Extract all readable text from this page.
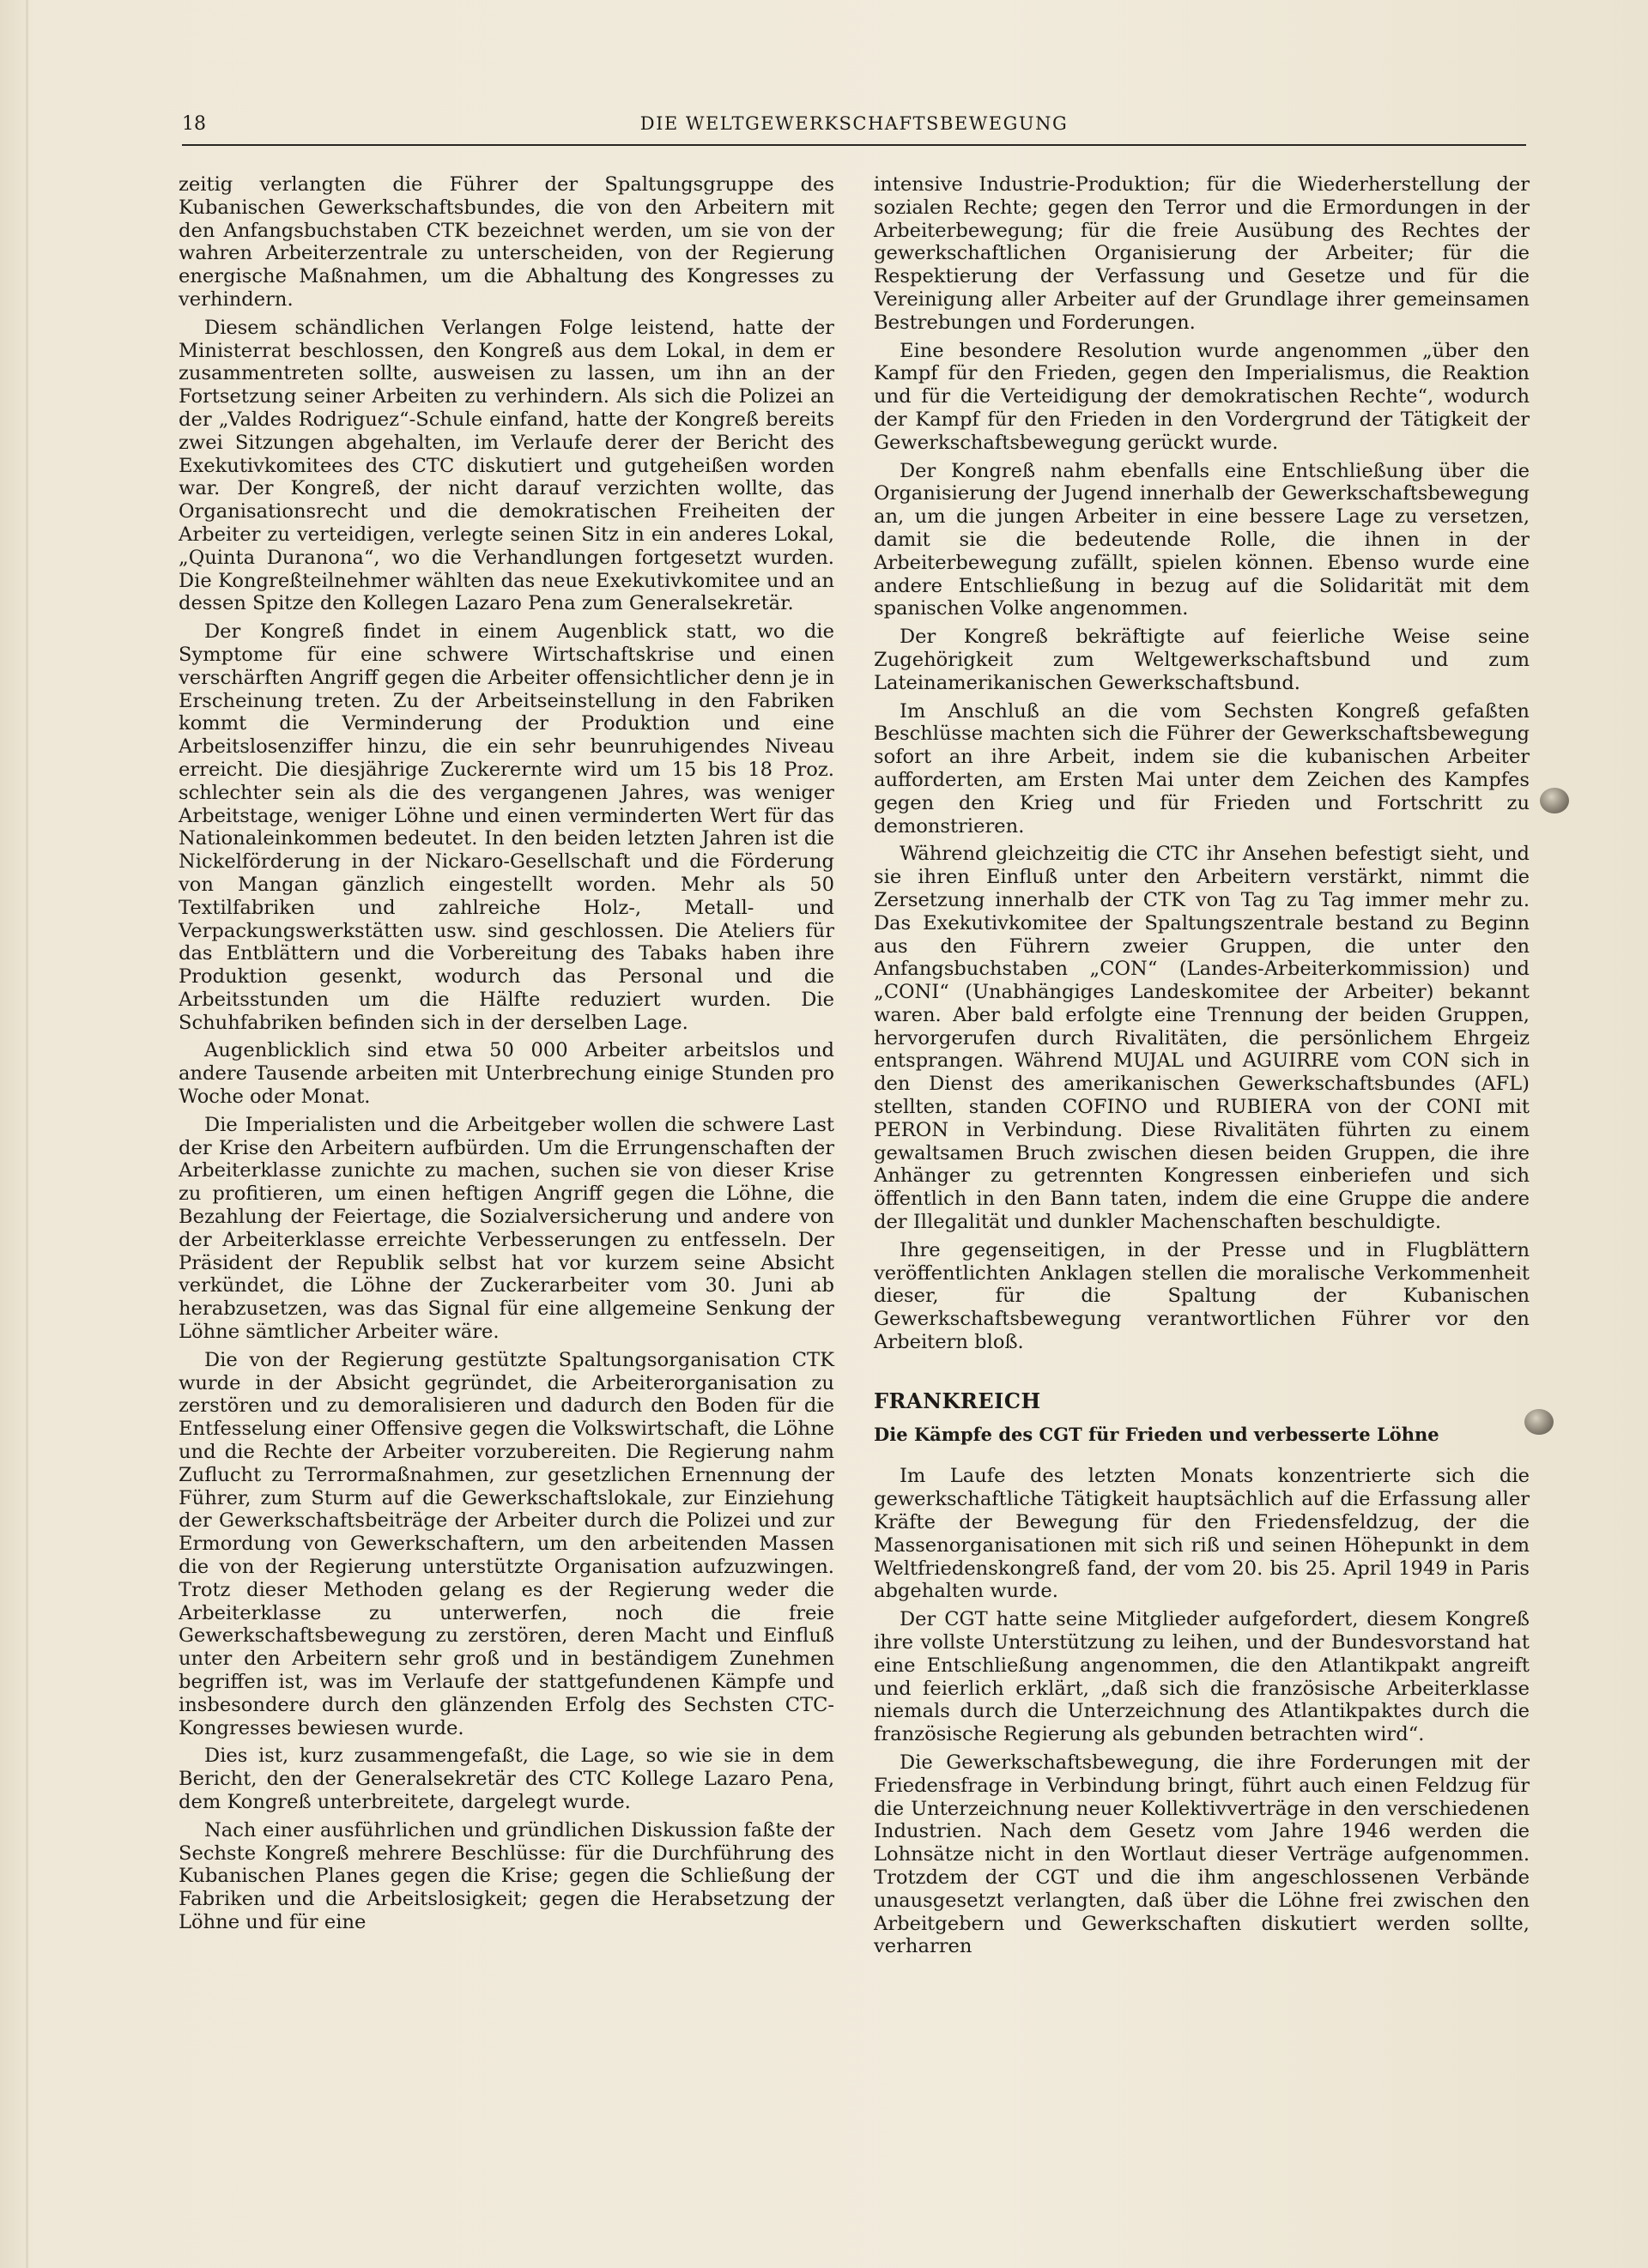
18	DIE WELTGEWERKSCHAFTSBEWEGUNG

zeitig verlangten die Führer der Spaltungsgruppe des Kubanischen Gewerkschaftsbundes, die von den Arbeitern mit den Anfangsbuchstaben CTK bezeichnet werden, um sie von der wahren Arbeiterzentrale zu unterscheiden, von der Regierung energische Maßnahmen, um die Abhaltung des Kongresses zu verhindern.

Diesem schändlichen Verlangen Folge leistend, hatte der Ministerrat beschlossen, den Kongreß aus dem Lokal, in dem er zusammentreten sollte, ausweisen zu lassen, um ihn an der Fortsetzung seiner Arbeiten zu verhindern. Als sich die Polizei an der „Valdes Rodriguez“-Schule einfand, hatte der Kongreß bereits zwei Sitzungen abgehalten, im Verlaufe derer der Bericht des Exekutivkomitees des CTC diskutiert und gutgeheißen worden war. Der Kongreß, der nicht darauf verzichten wollte, das Organisationsrecht und die demokratischen Freiheiten der Arbeiter zu verteidigen, verlegte seinen Sitz in ein anderes Lokal, „Quinta Duranona“, wo die Verhandlungen fortgesetzt wurden. Die Kongreßteilnehmer wählten das neue Exekutivkomitee und an dessen Spitze den Kollegen Lazaro Pena zum Generalsekretär.

Der Kongreß findet in einem Augenblick statt, wo die Symptome für eine schwere Wirtschaftskrise und einen verschärften Angriff gegen die Arbeiter offensichtlicher denn je in Erscheinung treten. Zu der Arbeitseinstellung in den Fabriken kommt die Verminderung der Produktion und eine Arbeitslosenziffer hinzu, die ein sehr beunruhigendes Niveau erreicht. Die diesjährige Zuckerernte wird um 15 bis 18 Proz. schlechter sein als die des vergangenen Jahres, was weniger Arbeitstage, weniger Löhne und einen verminderten Wert für das Nationaleinkommen bedeutet. In den beiden letzten Jahren ist die Nickelförderung in der Nickaro-Gesellschaft und die Förderung von Mangan gänzlich eingestellt worden. Mehr als 50 Textilfabriken und zahlreiche Holz-, Metall- und Verpackungswerkstätten usw. sind geschlossen. Die Ateliers für das Entblättern und die Vorbereitung des Tabaks haben ihre Produktion gesenkt, wodurch das Personal und die Arbeitsstunden um die Hälfte reduziert wurden. Die Schuhfabriken befinden sich in der derselben Lage.

Augenblicklich sind etwa 50 000 Arbeiter arbeitslos und andere Tausende arbeiten mit Unterbrechung einige Stunden pro Woche oder Monat.

Die Imperialisten und die Arbeitgeber wollen die schwere Last der Krise den Arbeitern aufbürden. Um die Errungenschaften der Arbeiterklasse zunichte zu machen, suchen sie von dieser Krise zu profitieren, um einen heftigen Angriff gegen die Löhne, die Bezahlung der Feiertage, die Sozialversicherung und andere von der Arbeiterklasse erreichte Verbesserungen zu entfesseln. Der Präsident der Republik selbst hat vor kurzem seine Absicht verkündet, die Löhne der Zuckerarbeiter vom 30. Juni ab herabzusetzen, was das Signal für eine allgemeine Senkung der Löhne sämtlicher Arbeiter wäre.

Die von der Regierung gestützte Spaltungsorganisation CTK wurde in der Absicht gegründet, die Arbeiterorganisation zu zerstören und zu demoralisieren und dadurch den Boden für die Entfesselung einer Offensive gegen die Volkswirtschaft, die Löhne und die Rechte der Arbeiter vorzubereiten. Die Regierung nahm Zuflucht zu Terrormaßnahmen, zur gesetzlichen Ernennung der Führer, zum Sturm auf die Gewerkschaftslokale, zur Einziehung der Gewerkschaftsbeiträge der Arbeiter durch die Polizei und zur Ermordung von Gewerkschaftern, um den arbeitenden Massen die von der Regierung unterstützte Organisation aufzuzwingen. Trotz dieser Methoden gelang es der Regierung weder die Arbeiterklasse zu unterwerfen, noch die freie Gewerkschaftsbewegung zu zerstören, deren Macht und Einfluß unter den Arbeitern sehr groß und in beständigem Zunehmen begriffen ist, was im Verlaufe der stattgefundenen Kämpfe und insbesondere durch den glänzenden Erfolg des Sechsten CTC-Kongresses bewiesen wurde.

Dies ist, kurz zusammengefaßt, die Lage, so wie sie in dem Bericht, den der Generalsekretär des CTC Kollege Lazaro Pena, dem Kongreß unterbreitete, dargelegt wurde.

Nach einer ausführlichen und gründlichen Diskussion faßte der Sechste Kongreß mehrere Beschlüsse: für die Durchführung des Kubanischen Planes gegen die Krise; gegen die Schließung der Fabriken und die Arbeitslosigkeit; gegen die Herabsetzung der Löhne und für eine

intensive Industrie-Produktion; für die Wiederherstellung der sozialen Rechte; gegen den Terror und die Ermordungen in der Arbeiterbewegung; für die freie Ausübung des Rechtes der gewerkschaftlichen Organisierung der Arbeiter; für die Respektierung der Verfassung und Gesetze und für die Vereinigung aller Arbeiter auf der Grundlage ihrer gemeinsamen Bestrebungen und Forderungen.

Eine besondere Resolution wurde angenommen „über den Kampf für den Frieden, gegen den Imperialismus, die Reaktion und für die Verteidigung der demokratischen Rechte“, wodurch der Kampf für den Frieden in den Vordergrund der Tätigkeit der Gewerkschaftsbewegung gerückt wurde.

Der Kongreß nahm ebenfalls eine Entschließung über die Organisierung der Jugend innerhalb der Gewerkschaftsbewegung an, um die jungen Arbeiter in eine bessere Lage zu versetzen, damit sie die bedeutende Rolle, die ihnen in der Arbeiterbewegung zufällt, spielen können. Ebenso wurde eine andere Entschließung in bezug auf die Solidarität mit dem spanischen Volke angenommen.

Der Kongreß bekräftigte auf feierliche Weise seine Zugehörigkeit zum Weltgewerkschaftsbund und zum Lateinamerikanischen Gewerkschaftsbund.

Im Anschluß an die vom Sechsten Kongreß gefaßten Beschlüsse machten sich die Führer der Gewerkschaftsbewegung sofort an ihre Arbeit, indem sie die kubanischen Arbeiter aufforderten, am Ersten Mai unter dem Zeichen des Kampfes gegen den Krieg und für Frieden und Fortschritt zu demonstrieren.

Während gleichzeitig die CTC ihr Ansehen befestigt sieht, und sie ihren Einfluß unter den Arbeitern verstärkt, nimmt die Zersetzung innerhalb der CTK von Tag zu Tag immer mehr zu. Das Exekutivkomitee der Spaltungszentrale bestand zu Beginn aus den Führern zweier Gruppen, die unter den Anfangsbuchstaben „CON“ (Landes-Arbeiterkommission) und „CONI“ (Unabhängiges Landeskomitee der Arbeiter) bekannt waren. Aber bald erfolgte eine Trennung der beiden Gruppen, hervorgerufen durch Rivalitäten, die persönlichem Ehrgeiz entsprangen. Während MUJAL und AGUIRRE vom CON sich in den Dienst des amerikanischen Gewerkschaftsbundes (AFL) stellten, standen COFINO und RUBIERA von der CONI mit PERON in Verbindung. Diese Rivalitäten führten zu einem gewaltsamen Bruch zwischen diesen beiden Gruppen, die ihre Anhänger zu getrennten Kongressen einberiefen und sich öffentlich in den Bann taten, indem die eine Gruppe die andere der Illegalität und dunkler Machenschaften beschuldigte.

Ihre gegenseitigen, in der Presse und in Flugblättern veröffentlichten Anklagen stellen die moralische Verkommenheit dieser, für die Spaltung der Kubanischen Gewerkschaftsbewegung verantwortlichen Führer vor den Arbeitern bloß.

FRANKREICH
Die Kämpfe des CGT für Frieden und verbesserte Löhne

Im Laufe des letzten Monats konzentrierte sich die gewerkschaftliche Tätigkeit hauptsächlich auf die Erfassung aller Kräfte der Bewegung für den Friedensfeldzug, der die Massenorganisationen mit sich riß und seinen Höhepunkt in dem Weltfriedenskongreß fand, der vom 20. bis 25. April 1949 in Paris abgehalten wurde.

Der CGT hatte seine Mitglieder aufgefordert, diesem Kongreß ihre vollste Unterstützung zu leihen, und der Bundesvorstand hat eine Entschließung angenommen, die den Atlantikpakt angreift und feierlich erklärt, „daß sich die französische Arbeiterklasse niemals durch die Unterzeichnung des Atlantikpaktes durch die französische Regierung als gebunden betrachten wird“.

Die Gewerkschaftsbewegung, die ihre Forderungen mit der Friedensfrage in Verbindung bringt, führt auch einen Feldzug für die Unterzeichnung neuer Kollektivverträge in den verschiedenen Industrien. Nach dem Gesetz vom Jahre 1946 werden die Lohnsätze nicht in den Wortlaut dieser Verträge aufgenommen. Trotzdem der CGT und die ihm angeschlossenen Verbände unausgesetzt verlangten, daß über die Löhne frei zwischen den Arbeitgebern und Gewerkschaften diskutiert werden sollte, verharren
